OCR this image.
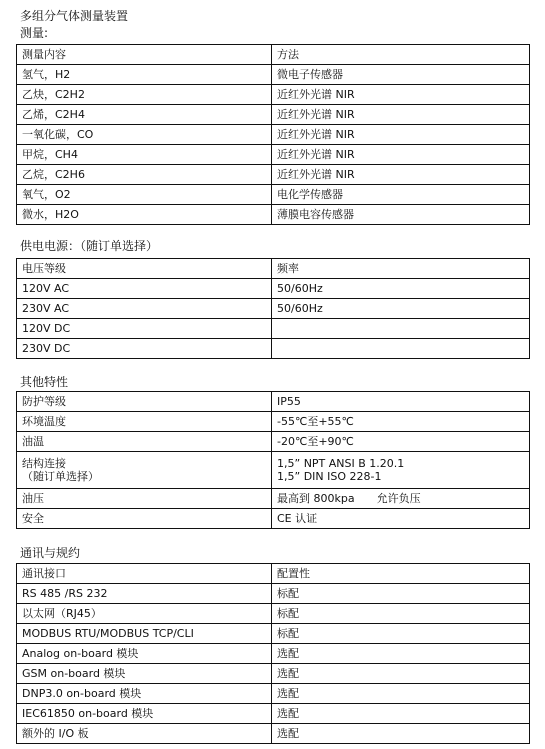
多组分气体测量装置
测量:
测量内容	方法
氢气，H2	微电子传感器
乙炔，C2H2	近红外光谱 NIR
乙烯，C2H4	近红外光谱 NIR
一氧化碳，CO	近红外光谱 NIR
甲烷，CH4	近红外光谱 NIR
乙烷，C2H6	近红外光谱 NIR
氧气，O2	电化学传感器
微水，H2O	薄膜电容传感器
供电电源：（随订单选择）
电压等级	频率
120V AC	50/60Hz
230V AC	50/60Hz
120V DC	
230V DC	
其他特性
防护等级	IP55

环境温度	-55℃至+55℃

油温	-20℃至+90℃

结构连接
（随订单选择）	1,5” NPT ANSI B 1.20.1
1,5” DIN ISO 228-1

油压	最高到 800kpa　　允许负压

安全	CE 认证
通讯与规约
通讯接口	配置性
RS 485 /RS 232	标配
以太网（RJ45）	标配
MODBUS RTU/MODBUS TCP/CLI	标配
Analog on-board 模块	选配
GSM on-board 模块	选配
DNP3.0 on-board 模块	选配
IEC61850 on-board 模块	选配
额外的 I/O 板	选配
